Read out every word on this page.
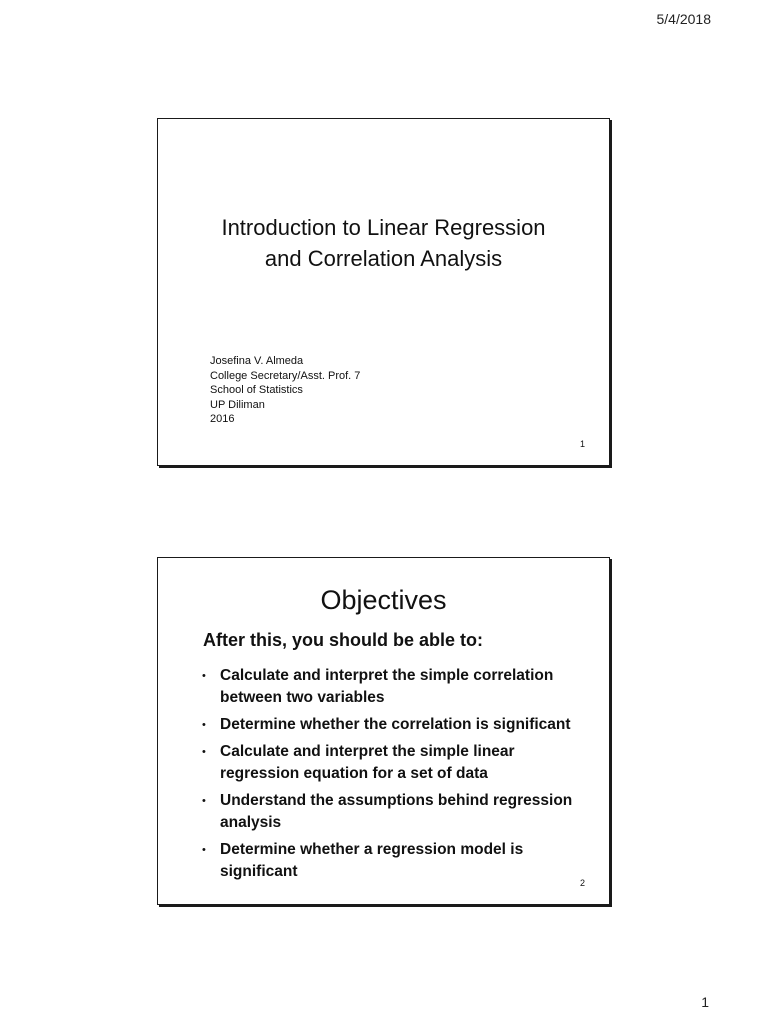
5/4/2018
Introduction to Linear Regression
and Correlation Analysis
Josefina V. Almeda
College Secretary/Asst. Prof. 7
School of Statistics
UP Diliman
2016
1
Objectives
After this, you should be able to:
• Calculate and interpret the simple correlation between two variables
• Determine whether the correlation is significant
• Calculate and interpret the simple linear regression equation for a set of data
• Understand the assumptions behind regression analysis
• Determine whether a regression model is significant
2
1
